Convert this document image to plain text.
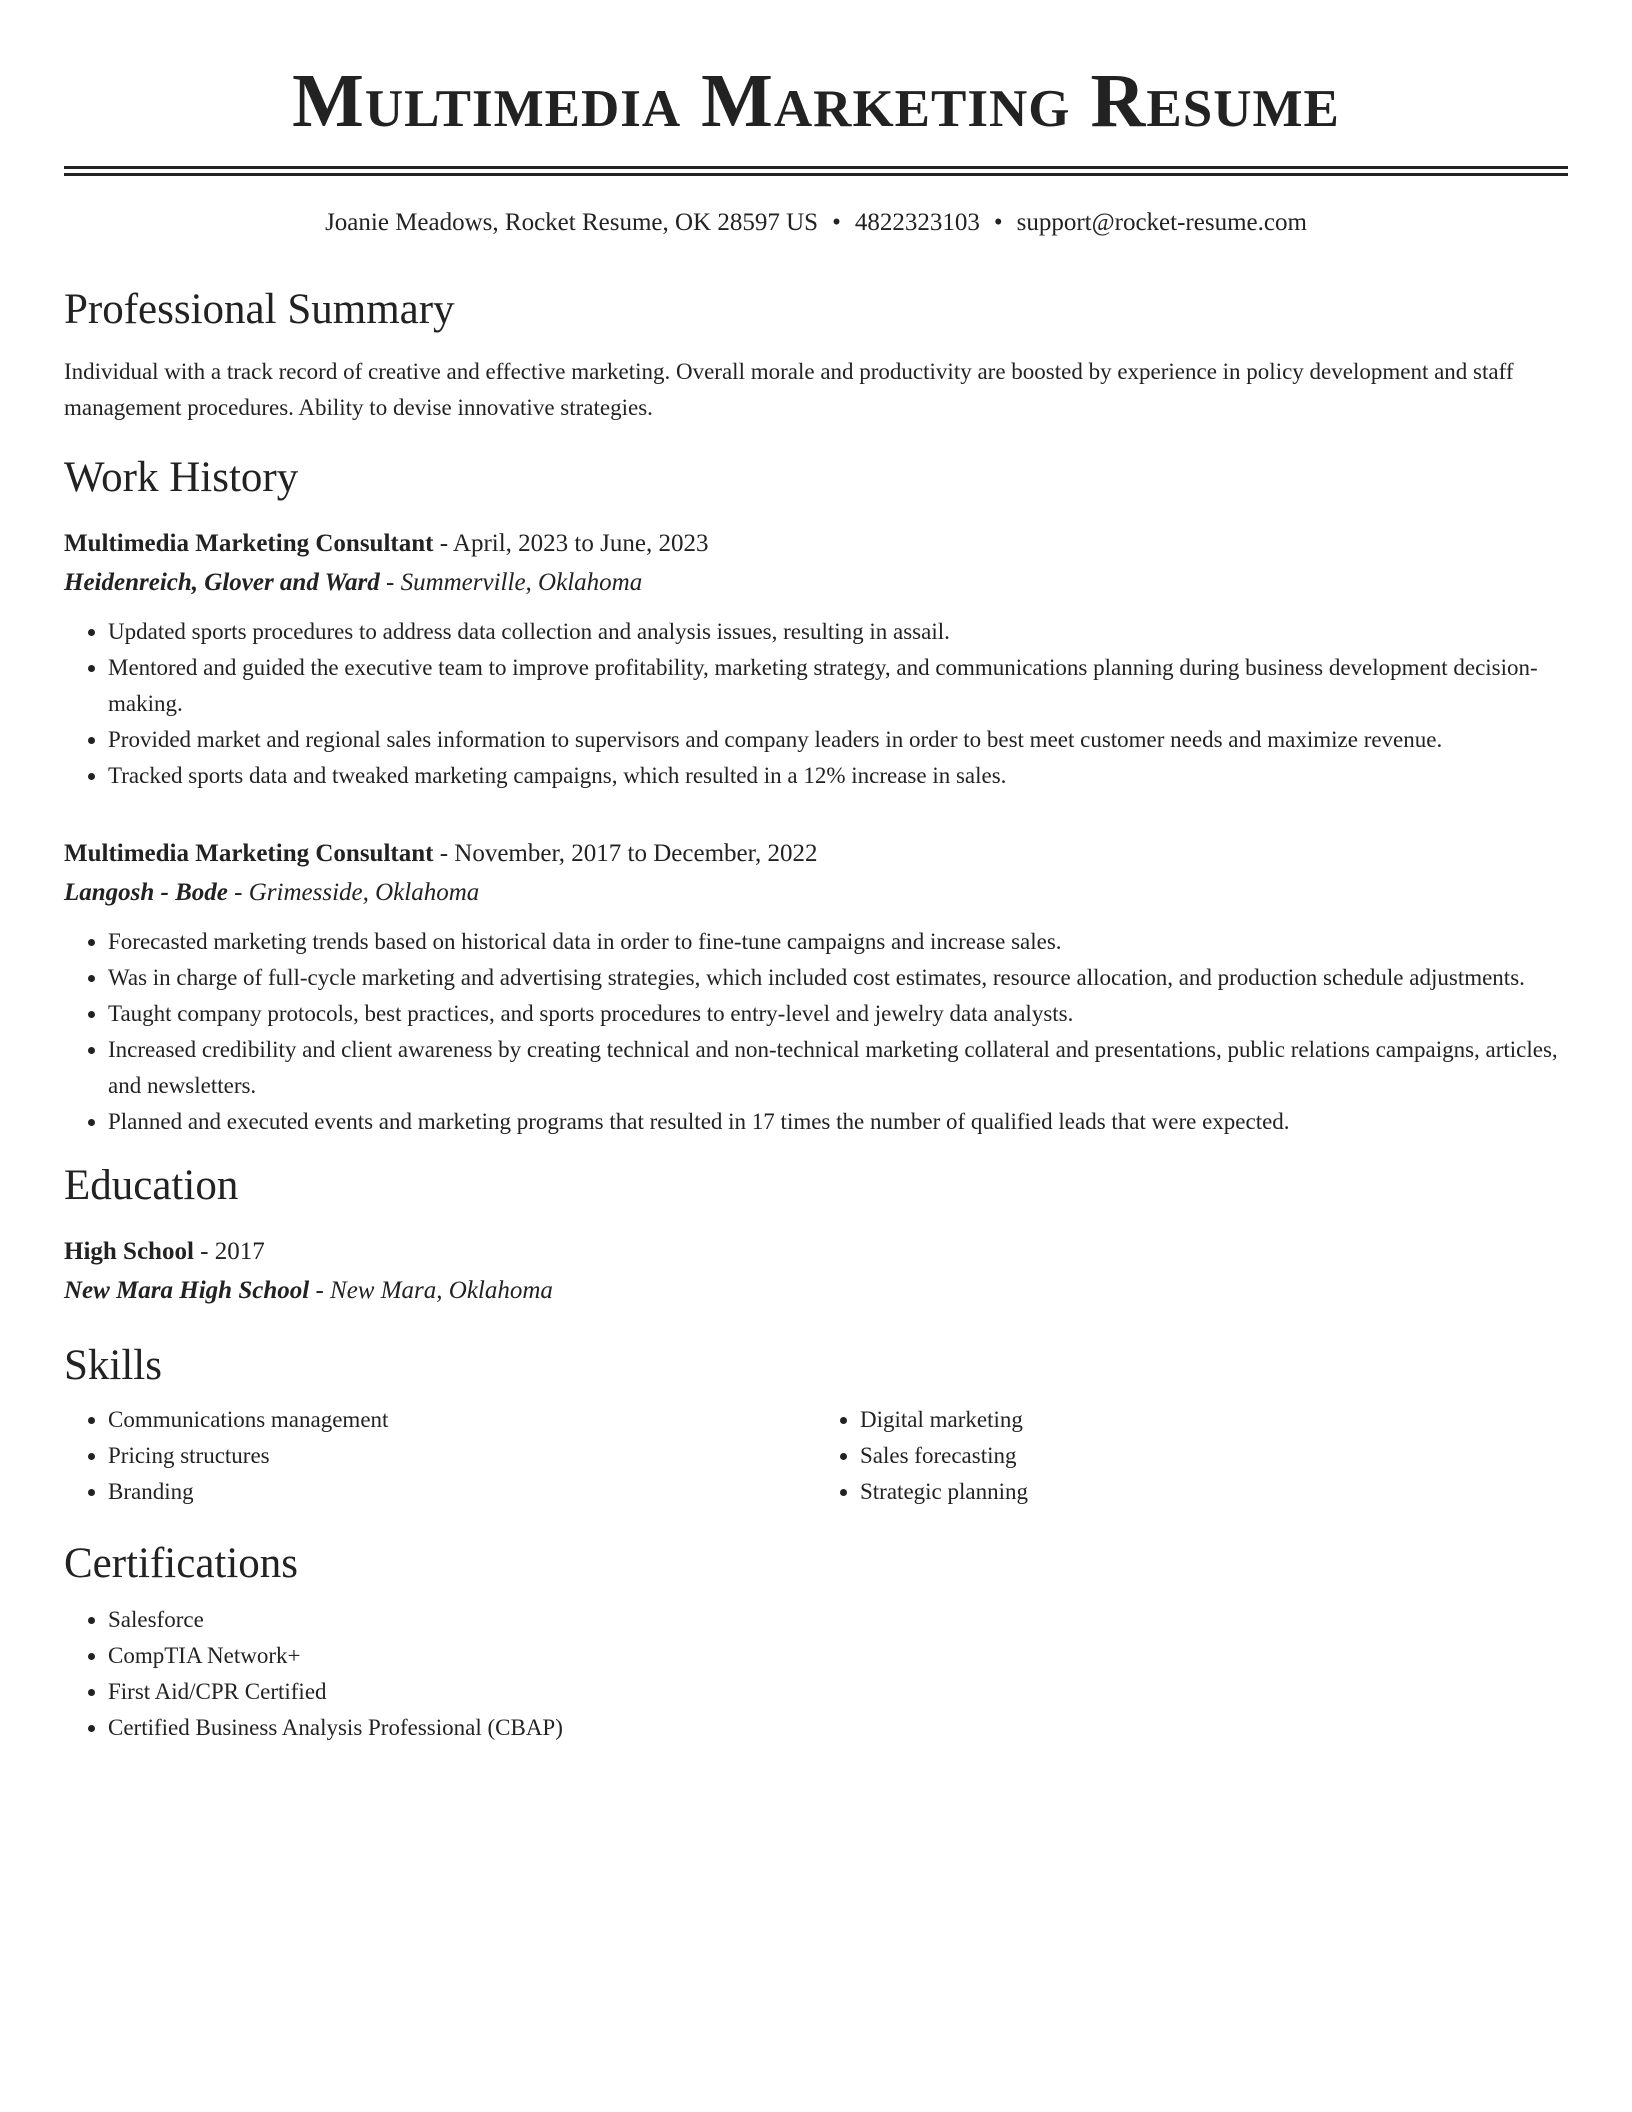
Multimedia Marketing Resume
Joanie Meadows, Rocket Resume, OK 28597 US • 4822323103 • support@rocket-resume.com
Professional Summary
Individual with a track record of creative and effective marketing. Overall morale and productivity are boosted by experience in policy development and staff management procedures. Ability to devise innovative strategies.
Work History
Multimedia Marketing Consultant - April, 2023 to June, 2023
Heidenreich, Glover and Ward - Summerville, Oklahoma
• Updated sports procedures to address data collection and analysis issues, resulting in assail.
• Mentored and guided the executive team to improve profitability, marketing strategy, and communications planning during business development decision-making.
• Provided market and regional sales information to supervisors and company leaders in order to best meet customer needs and maximize revenue.
• Tracked sports data and tweaked marketing campaigns, which resulted in a 12% increase in sales.
Multimedia Marketing Consultant - November, 2017 to December, 2022
Langosh - Bode - Grimesside, Oklahoma
• Forecasted marketing trends based on historical data in order to fine-tune campaigns and increase sales.
• Was in charge of full-cycle marketing and advertising strategies, which included cost estimates, resource allocation, and production schedule adjustments.
• Taught company protocols, best practices, and sports procedures to entry-level and jewelry data analysts.
• Increased credibility and client awareness by creating technical and non-technical marketing collateral and presentations, public relations campaigns, articles, and newsletters.
• Planned and executed events and marketing programs that resulted in 17 times the number of qualified leads that were expected.
Education
High School - 2017
New Mara High School - New Mara, Oklahoma
Skills
• Communications management
• Pricing structures
• Branding
• Digital marketing
• Sales forecasting
• Strategic planning
Certifications
• Salesforce
• CompTIA Network+
• First Aid/CPR Certified
• Certified Business Analysis Professional (CBAP)
